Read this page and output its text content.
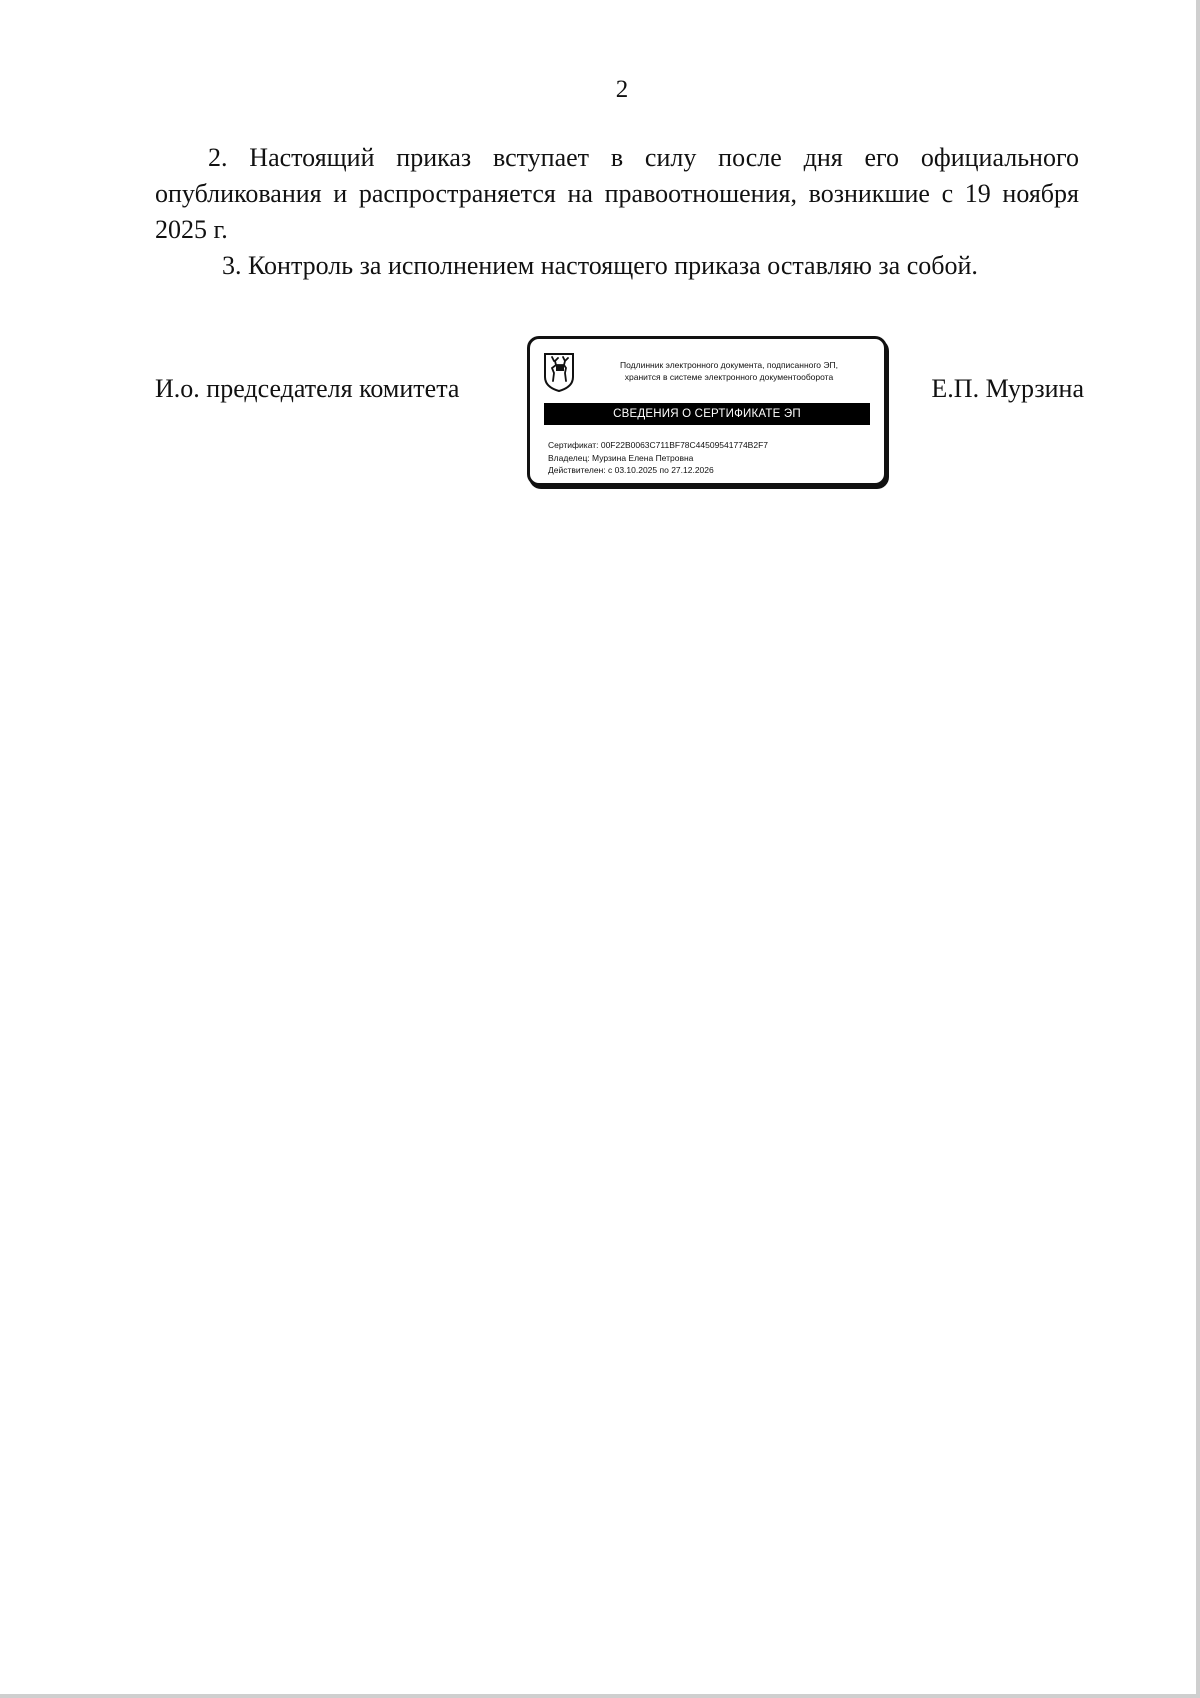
2
2. Настоящий приказ вступает в силу после дня его официального опубликования и распространяется на правоотношения, возникшие с 19 ноября 2025 г.
3. Контроль за исполнением настоящего приказа оставляю за собой.
И.о. председателя комитета
Подлинник электронного документа, подписанного ЭП,
хранится в системе электронного документооборота
СВЕДЕНИЯ О СЕРТИФИКАТЕ ЭП
Сертификат: 00F22B0063C711BF78C44509541774B2F7
Владелец: Мурзина Елена Петровна
Действителен: с 03.10.2025 по 27.12.2026
Е.П. Мурзина
